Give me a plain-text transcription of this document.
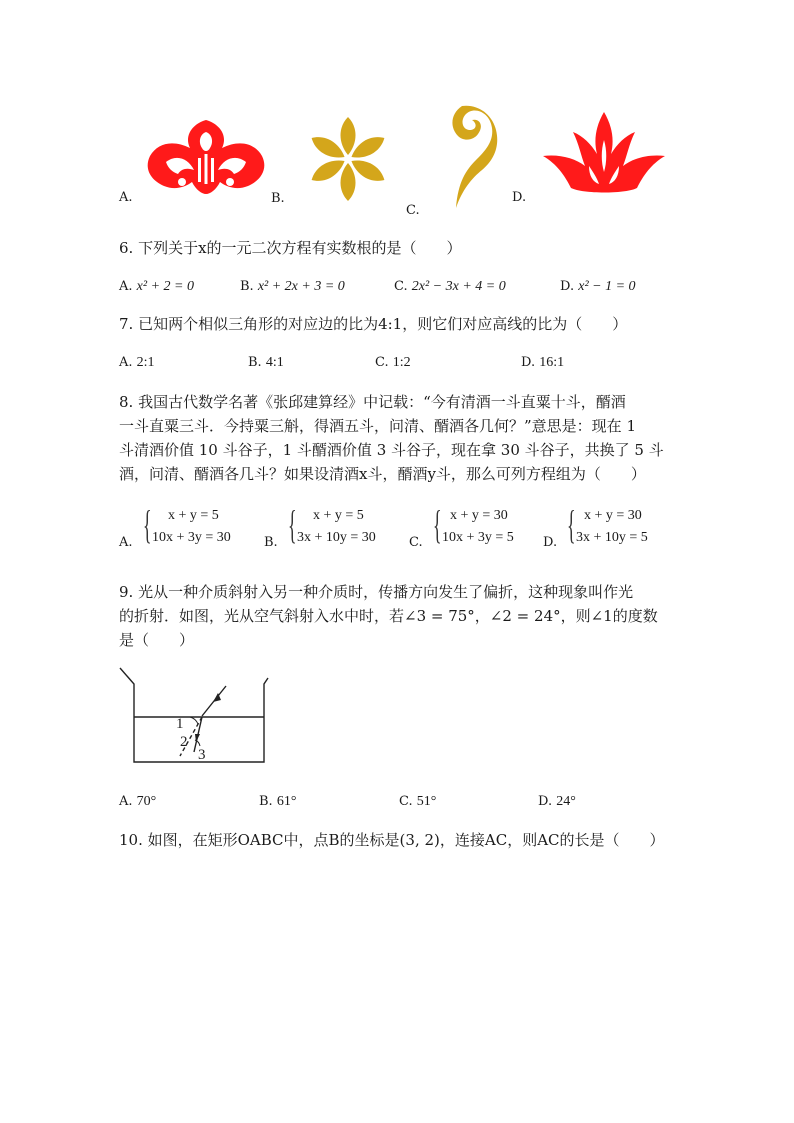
A.	B.
C.
D.
6. 下列关于x的一元二次方程有实数根的是（　　）
A. x² + 2 = 0	B. x² + 2x + 3 = 0	C. 2x² − 3x + 4 = 0	D. x² − 1 = 0
7. 已知两个相似三角形的对应边的比为4:1，则它们对应高线的比为（　　）
A. 2:1	B. 4:1	C. 1:2	D. 16:1
8. 我国古代数学名著《张邱建算经》中记载：“今有清酒一斗直粟十斗，醑酒
一斗直粟三斗．今持粟三斛，得酒五斗，问清、醑酒各几何？”意思是：现在 1
斗清酒价值 10 斗谷子，1 斗醑酒价值 3 斗谷子，现在拿 30 斗谷子，共换了 5 斗
酒，问清、醑酒各几斗？如果设清酒x斗，醑酒y斗，那么可列方程组为（　　）
A. {	x + y = 5
10x + 3y = 30	B. {	x + y = 5
3x + 10y = 30	C. { x + y = 30
10x + 3y = 5 D. { x + y = 30
3x + 10y = 5
9. 光从一种介质斜射入另一种介质时，传播方向发生了偏折，这种现象叫作光
的折射．如图，光从空气斜射入水中时，若∠3 = 75°，∠2 = 24°，则∠1的度数
是（　　）
1
2
3
A. 70°	B. 61°	C. 51°	D. 24°
10. 如图，在矩形OABC中，点B的坐标是(3, 2)，连接AC，则AC的长是（　　）
